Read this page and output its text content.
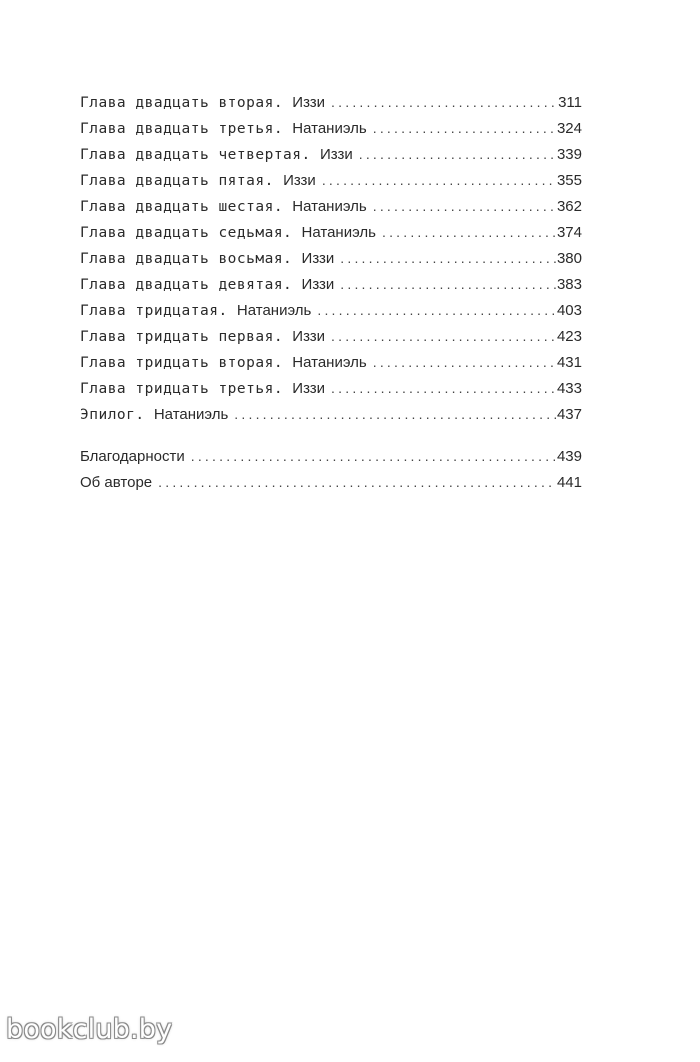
Глава двадцать вторая. Иззи .....	311
Глава двадцать третья. Натаниэль .....	324
Глава двадцать четвертая. Иззи .....	339
Глава двадцать пятая. Иззи .....	355
Глава двадцать шестая. Натаниэль .....	362
Глава двадцать седьмая. Натаниэль .....	374
Глава двадцать восьмая. Иззи .....	380
Глава двадцать девятая. Иззи .....	383
Глава тридцатая. Натаниэль .....	403
Глава тридцать первая. Иззи .....	423
Глава тридцать вторая. Натаниэль .....	431
Глава тридцать третья. Иззи .....	433
Эпилог. Натаниэль .....	437
Благодарности .....	439
Об авторе .....	441
bookclub.by
